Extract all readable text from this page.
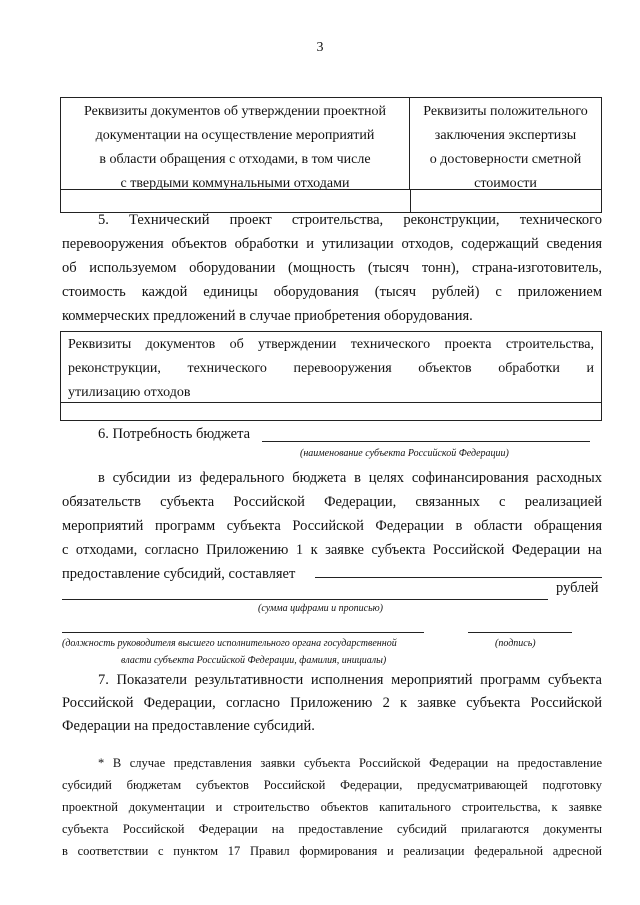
3
Реквизиты документов об утверждении проектной
документации на осуществление мероприятий
в области обращения с отходами, в том числе
с твердыми коммунальными отходами
Реквизиты положительного
заключения экспертизы
о достоверности сметной
стоимости
5. Технический проект строительства, реконструкции, технического
перевооружения объектов обработки и утилизации отходов, содержащий сведения
об используемом оборудовании (мощность (тысяч тонн), страна-изготовитель,
стоимость каждой единицы оборудования (тысяч рублей) с приложением
коммерческих предложений в случае приобретения оборудования.
Реквизиты документов об утверждении технического проекта строительства,
реконструкции, технического перевооружения объектов обработки и
утилизацию отходов
6. Потребность бюджета
(наименование субъекта Российской Федерации)
в субсидии из федерального бюджета в целях софинансирования расходных
обязательств субъекта Российской Федерации, связанных с реализацией
мероприятий программ субъекта Российской Федерации в области обращения
с отходами, согласно Приложению 1 к заявке субъекта Российской Федерации на
предоставление субсидий, составляет
рублей
(сумма цифрами и прописью)
(должность руководителя высшего исполнительного органа государственной
власти субъекта Российской Федерации, фамилия, инициалы)
(подпись)
7. Показатели результативности исполнения мероприятий программ субъекта
Российской Федерации, согласно Приложению 2 к заявке субъекта Российской
Федерации на предоставление субсидий.
* В случае представления заявки субъекта Российской Федерации на предоставление
субсидий бюджетам субъектов Российской Федерации, предусматривающей подготовку
проектной документации и строительство объектов капитального строительства, к заявке
субъекта Российской Федерации на предоставление субсидий прилагаются документы
в соответствии с пунктом 17 Правил формирования и реализации федеральной адресной
